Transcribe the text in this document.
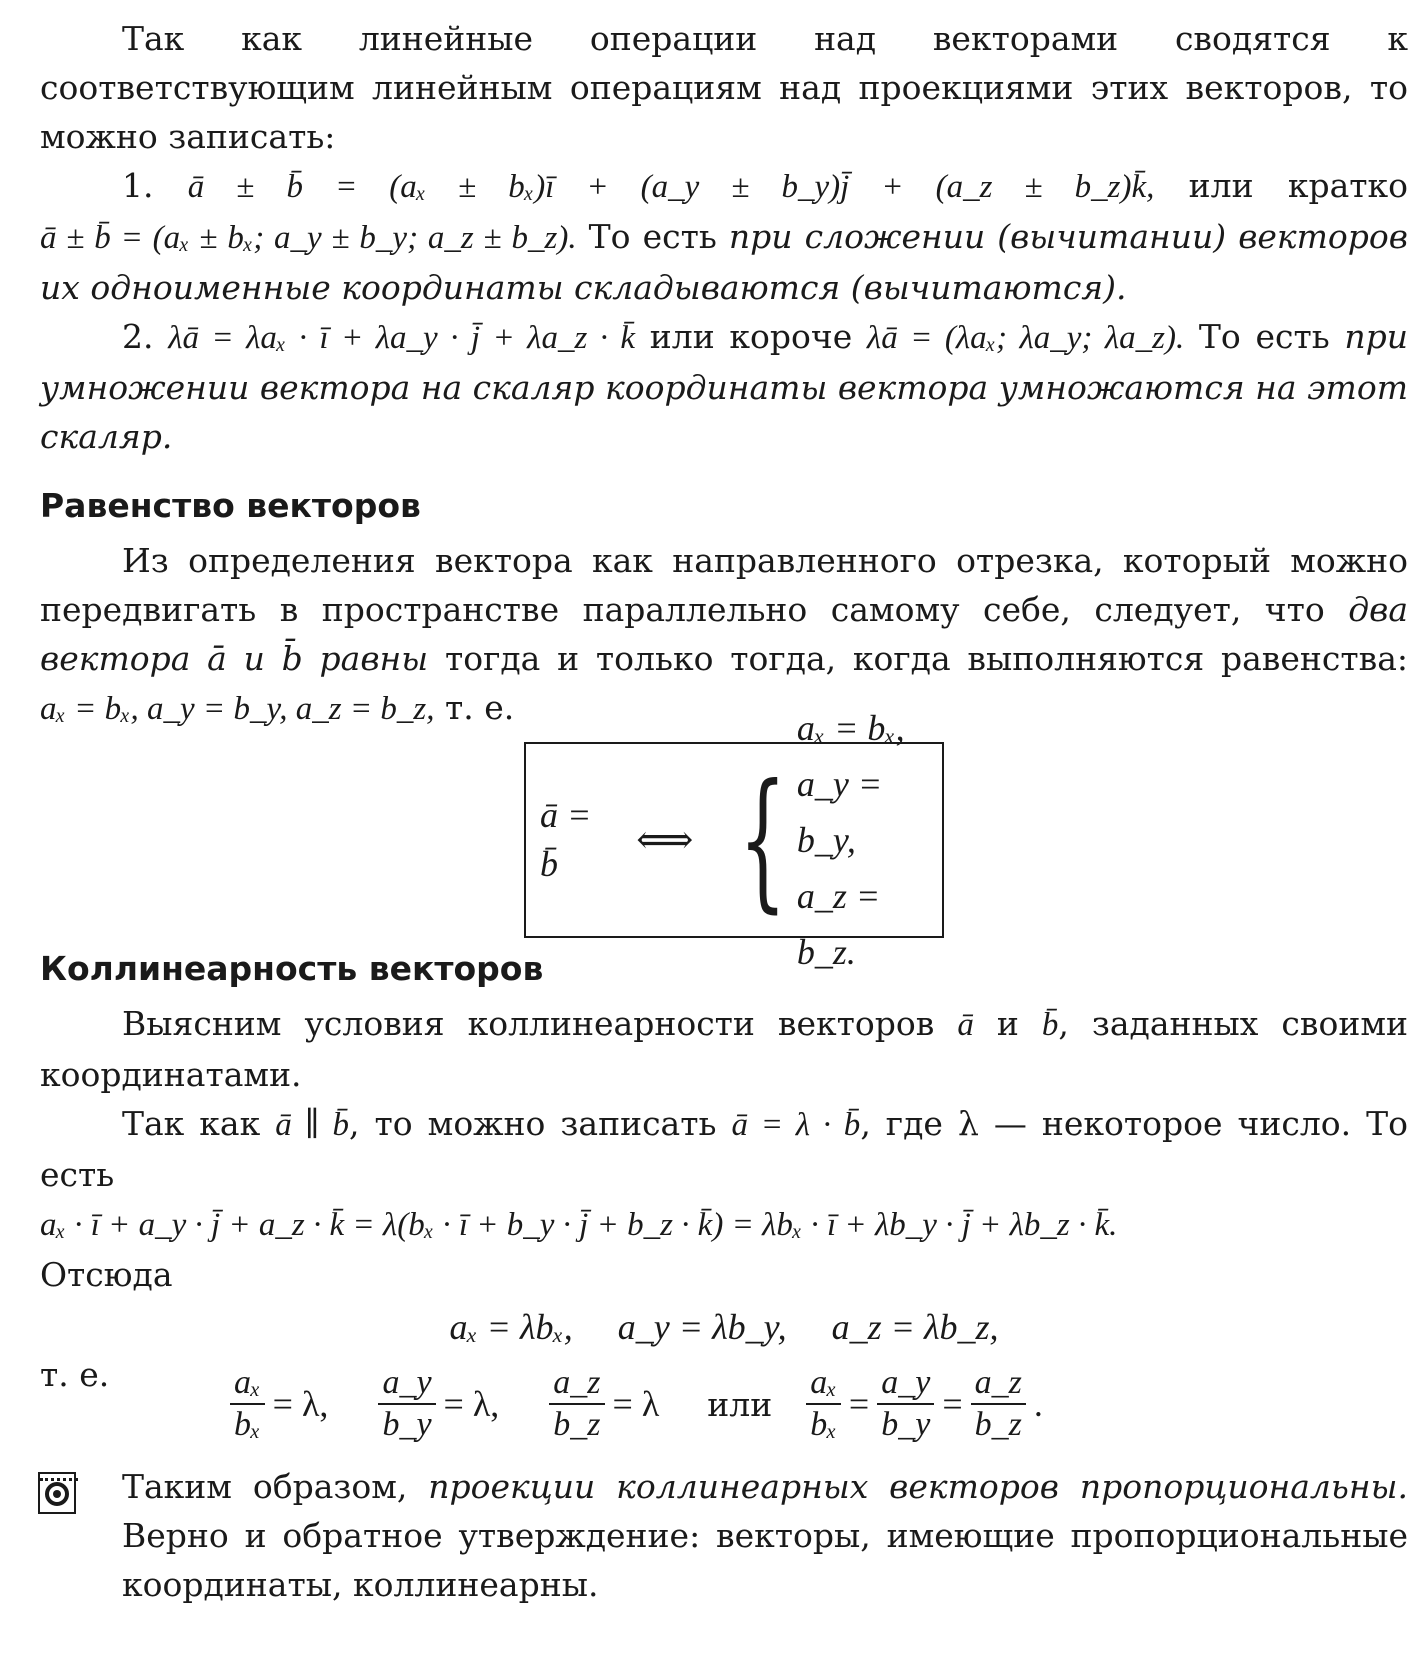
Так как линейные операции над векторами сводятся к соответствующим линейным операциям над проекциями этих векторов, то можно записать:

1. ā ± b̄ = (aₓ ± bₓ)ī + (a_y ± b_y)j̄ + (a_z ± b_z)k̄, или кратко ā ± b̄ = (aₓ ± bₓ; a_y ± b_y; a_z ± b_z). То есть при сложении (вычитании) векторов их одноименные координаты складываются (вычитаются).

2. λā = λaₓ · ī + λa_y · j̄ + λa_z · k̄ или короче λā = (λaₓ; λa_y; λa_z). То есть при умножении вектора на скаляр координаты вектора умножаются на этот скаляр.

Равенство векторов

Из определения вектора как направленного отрезка, который можно передвигать в пространстве параллельно самому себе, следует, что два вектора ā и b̄ равны тогда и только тогда, когда выполняются равенства: aₓ = bₓ, a_y = b_y, a_z = b_z, т. е.

ā = b̄
⟺ {
aₓ = bₓ,
a_y = b_y,
a_z = b_z.
Коллинеарность векторов

Выясним условия коллинеарности векторов ā и b̄, заданных своими координатами.

Так как ā ∥ b̄, то можно записать ā = λ · b̄, где λ — некоторое число. То есть

aₓ · ī + a_y · j̄ + a_z · k̄ = λ(bₓ · ī + b_y · j̄ + b_z · k̄) = λbₓ · ī + λb_y · j̄ + λb_z · k̄.

Отсюда

aₓ = λbₓ, a_y = λb_y, a_z = λb_z,
т. е.	$\frac{\text{aₓ}}{\text{bₓ}} = \lambda$, $\frac{a\_y}{b\_y} = \lambda$, $\frac{a\_z}{b\_z} = \lambda$ или $\frac{\text{aₓ}}{\text{bₓ}} = \frac{a\_y}{b\_y} = \frac{a\_z}{b\_z}$ .

Таким образом, проекции коллинеарных векторов пропорциональны. Верно и обратное утверждение: векторы, имеющие пропорциональные координаты, коллинеарны.
